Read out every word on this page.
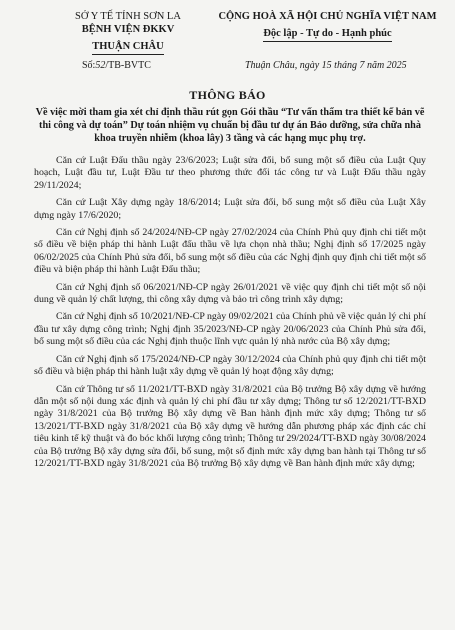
SỞ Y TẾ TỈNH SƠN LA
BỆNH VIỆN ĐKKV
THUẬN CHÂU
CỘNG HOÀ XÃ HỘI CHỦ NGHĨA VIỆT NAM
Độc lập - Tự do - Hạnh phúc
Số:52/TB-BVTC	Thuận Châu, ngày 15 tháng 7 năm 2025
THÔNG BÁO
Về việc mời tham gia xét chỉ định thầu rút gọn Gói thầu “Tư vấn thẩm tra thiết kế bản vẽ thi công và dự toán” Dự toán nhiệm vụ chuẩn bị đầu tư dự án Bảo dưỡng, sửa chữa nhà khoa truyền nhiễm (khoa lây) 3 tầng và các hạng mục phụ trợ.

Căn cứ Luật Đấu thầu ngày 23/6/2023; Luật sửa đổi, bổ sung một số điều của Luật Quy hoạch, Luật đầu tư, Luật Đầu tư theo phương thức đối tác công tư và Luật Đấu thầu ngày 29/11/2024;

Căn cứ Luật Xây dựng ngày 18/6/2014; Luật sửa đổi, bổ sung một số điều của Luật Xây dựng ngày 17/6/2020;

Căn cứ Nghị định số 24/2024/NĐ-CP ngày 27/02/2024 của Chính Phủ quy định chi tiết một số điều về biện pháp thi hành Luật đấu thầu về lựa chọn nhà thầu; Nghị định số 17/2025 ngày 06/02/2025 của Chính Phủ sửa đổi, bổ sung một số điều của các Nghị định quy định chi tiết một số điều và biện pháp thi hành Luật Đấu thầu;

Căn cứ Nghị định số 06/2021/NĐ-CP ngày 26/01/2021 về việc quy định chi tiết một số nội dung về quản lý chất lượng, thi công xây dựng và bảo trì công trình xây dựng;

Căn cứ Nghị định số 10/2021/NĐ-CP ngày 09/02/2021 của Chính phủ về việc quản lý chi phí đầu tư xây dựng công trình; Nghị định 35/2023/NĐ-CP ngày 20/06/2023 của Chính Phủ sửa đổi, bổ sung một số điều của các Nghị định thuộc lĩnh vực quản lý nhà nước của Bộ xây dựng;

Căn cứ Nghị định số 175/2024/NĐ-CP ngày 30/12/2024 của Chính phủ quy định chi tiết một số điều và biện pháp thi hành luật xây dựng về quản lý hoạt động xây dựng;

Căn cứ Thông tư số 11/2021/TT-BXD ngày 31/8/2021 của Bộ trưởng Bộ xây dựng về hướng dẫn một số nội dung xác định và quản lý chi phí đầu tư xây dựng; Thông tư số 12/2021/TT-BXD ngày 31/8/2021 của Bộ trưởng Bộ xây dựng về Ban hành định mức xây dựng; Thông tư số 13/2021/TT-BXD ngày 31/8/2021 của Bộ xây dựng về hướng dẫn phương pháp xác định các chỉ tiêu kinh tế kỹ thuật và đo bóc khối lượng công trình; Thông tư 29/2024/TT-BXD ngày 30/08/2024 của Bộ trưởng Bộ xây dựng sửa đổi, bổ sung, một số định mức xây dựng ban hành tại Thông tư số 12/2021/TT-BXD ngày 31/8/2021 của Bộ trưởng Bộ xây dựng về Ban hành định mức xây dựng;
